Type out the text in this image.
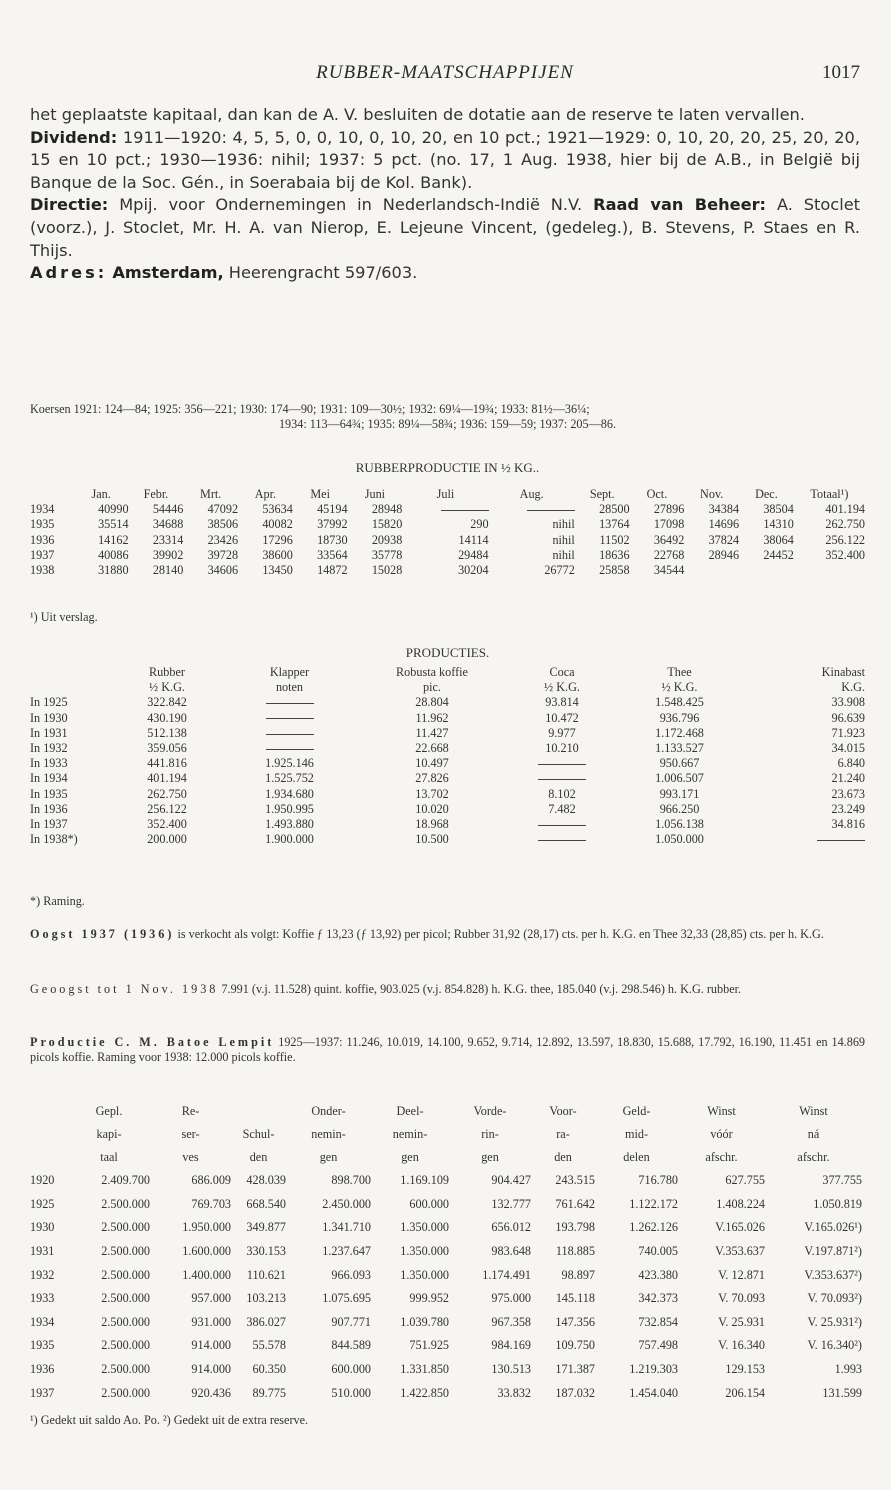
RUBBER-MAATSCHAPPIJEN	1017

het geplaatste kapitaal, dan kan de A. V. besluiten de dotatie aan de reserve te laten vervallen.

Dividend: 1911—1920: 4, 5, 5, 0, 0, 10, 0, 10, 20, en 10 pct.; 1921—1929: 0, 10, 20, 20, 25, 20, 20, 15 en 10 pct.; 1930—1936: nihil; 1937: 5 pct. (no. 17, 1 Aug. 1938, hier bij de A.B., in België bij Banque de la Soc. Gén., in Soerabaia bij de Kol. Bank).

Directie: Mpij. voor Ondernemingen in Nederlandsch-Indië N.V. Raad van Beheer: A. Stoclet (voorz.), J. Stoclet, Mr. H. A. van Nierop, E. Lejeune Vincent, (gedeleg.), B. Stevens, P. Staes en R. Thijs.

Adres: Amsterdam, Heerengracht 597/603.

Koersen 1921: 124—84; 1925: 356—221; 1930: 174—90; 1931: 109—30½; 1932: 69¼—19¾; 1933: 81½—36¼;
1934: 113—64¾; 1935: 89¼—58¾; 1936: 159—59; 1937: 205—86.
RUBBERPRODUCTIE IN ½ KG..
	Jan.	Febr.	Mrt.	Apr.	Mei	Juni	Juli	Aug.	Sept.	Oct.	Nov.	Dec.	Totaal¹)
1934	40990	54446	47092	53634	45194	28948			28500	27896	34384	38504	401.194
1935	35514	34688	38506	40082	37992	15820	290	nihil	13764	17098	14696	14310	262.750
1936	14162	23314	23426	17296	18730	20938	14114	nihil	11502	36492	37824	38064	256.122
1937	40086	39902	39728	38600	33564	35778	29484	nihil	18636	22768	28946	24452	352.400
1938	31880	28140	34606	13450	14872	15028	30204	26772	25858	34544			
¹) Uit verslag.
PRODUCTIES.
	Rubber	Klapper	Robusta koffie	Coca	Thee	Kinabast
	½ K.G.	noten	pic.	½ K.G.	½ K.G.	K.G.
In 1925	322.842		28.804	93.814	1.548.425	33.908
In 1930	430.190		11.962	10.472	936.796	96.639
In 1931	512.138		11.427	9.977	1.172.468	71.923
In 1932	359.056		22.668	10.210	1.133.527	34.015
In 1933	441.816	1.925.146	10.497		950.667	6.840
In 1934	401.194	1.525.752	27.826		1.006.507	21.240
In 1935	262.750	1.934.680	13.702	8.102	993.171	23.673
In 1936	256.122	1.950.995	10.020	7.482	966.250	23.249
In 1937	352.400	1.493.880	18.968		1.056.138	34.816
In 1938*)	200.000	1.900.000	10.500		1.050.000	
*) Raming.
Oogst 1937 (1936) is verkocht als volgt: Koffie ƒ 13,23 (ƒ 13,92) per picol; Rubber 31,92 (28,17) cts. per h. K.G. en Thee 32,33 (28,85) cts. per h. K.G.
Geoogst tot 1 Nov. 1938 7.991 (v.j. 11.528) quint. koffie, 903.025 (v.j. 854.828) h. K.G. thee, 185.040 (v.j. 298.546) h. K.G. rubber.
Productie C. M. Batoe Lempit 1925—1937: 11.246, 10.019, 14.100, 9.652, 9.714, 12.892, 13.597, 18.830, 15.688, 17.792, 16.190, 11.451 en 14.869 picols koffie. Raming voor 1938: 12.000 picols koffie.
	Gepl.	Re-		Onder-	Deel-	Vorde-	Voor-	Geld-	Winst	Winst
	kapi-	ser-	Schul-	nemin-	nemin-	rin-	ra-	mid-	vóór	ná
	taal	ves	den	gen	gen	gen	den	delen	afschr.	afschr.
1920	2.409.700	686.009	428.039	898.700	1.169.109	904.427	243.515	716.780	627.755	377.755
1925	2.500.000	769.703	668.540	2.450.000	600.000	132.777	761.642	1.122.172	1.408.224	1.050.819
1930	2.500.000	1.950.000	349.877	1.341.710	1.350.000	656.012	193.798	1.262.126	V.165.026	V.165.026¹)
1931	2.500.000	1.600.000	330.153	1.237.647	1.350.000	983.648	118.885	740.005	V.353.637	V.197.871²)
1932	2.500.000	1.400.000	110.621	966.093	1.350.000	1.174.491	98.897	423.380	V. 12.871	V.353.637²)
1933	2.500.000	957.000	103.213	1.075.695	999.952	975.000	145.118	342.373	V. 70.093	V. 70.093²)
1934	2.500.000	931.000	386.027	907.771	1.039.780	967.358	147.356	732.854	V. 25.931	V. 25.931²)
1935	2.500.000	914.000	55.578	844.589	751.925	984.169	109.750	757.498	V. 16.340	V. 16.340²)
1936	2.500.000	914.000	60.350	600.000	1.331.850	130.513	171.387	1.219.303	129.153	1.993
1937	2.500.000	920.436	89.775	510.000	1.422.850	33.832	187.032	1.454.040	206.154	131.599
¹) Gedekt uit saldo Ao. Po. ²) Gedekt uit de extra reserve.
